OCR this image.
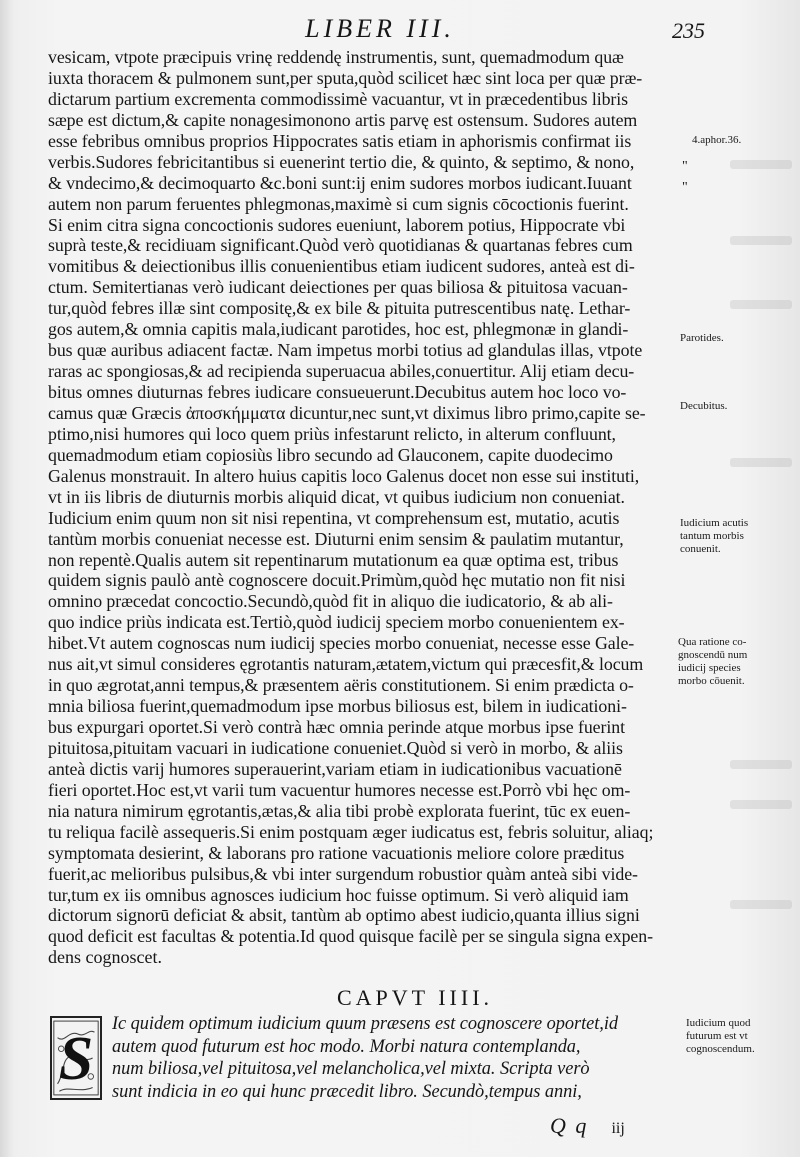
LIBER III.	235
vesicam, vtpote præcipuis vrinę reddendę instrumentis, sunt, quemadmodum quæ
iuxta thoracem & pulmonem sunt,per sputa,quòd scilicet hæc sint loca per quæ præ-
dictarum partium excrementa commodissimè vacuantur, vt in præcedentibus libris
sæpe est dictum,& capite nonagesimonono artis parvę est ostensum. Sudores autem
esse febribus omnibus proprios Hippocrates satis etiam in aphorismis confirmat iis
verbis.Sudores febricitantibus si euenerint tertio die, & quinto, & septimo, & nono,
& vndecimo,& decimoquarto &c.boni sunt:ij enim sudores morbos iudicant.Iuuant
autem non parum feruentes phlegmonas,maximè si cum signis cōcoctionis fuerint.
Si enim citra signa concoctionis sudores eueniunt, laborem potius, Hippocrate vbi
suprà teste,& recidiuam significant.Quòd verò quotidianas & quartanas febres cum
vomitibus & deiectionibus illis conuenientibus etiam iudicent sudores, anteà est di-
ctum. Semitertianas verò iudicant deiectiones per quas biliosa & pituitosa vacuan-
tur,quòd febres illæ sint compositę,& ex bile & pituita putrescentibus natę. Lethar-
gos autem,& omnia capitis mala,iudicant parotides, hoc est, phlegmonæ in glandi-
bus quæ auribus adiacent factæ. Nam impetus morbi totius ad glandulas illas, vtpote
raras ac spongiosas,& ad recipienda superuacua abiles,conuertitur. Alij etiam decu-
bitus omnes diuturnas febres iudicare consueuerunt.Decubitus autem hoc loco vo-
camus quæ Græcis ἀποσκήμματα dicuntur,nec sunt,vt diximus libro primo,capite se-
ptimo,nisi humores qui loco quem priùs infestarunt relicto, in alterum confluunt,
quemadmodum etiam copiosiùs libro secundo ad Glauconem, capite duodecimo
Galenus monstrauit. In altero huius capitis loco Galenus docet non esse sui instituti,
vt in iis libris de diuturnis morbis aliquid dicat, vt quibus iudicium non conueniat.
Iudicium enim quum non sit nisi repentina, vt comprehensum est, mutatio, acutis
tantùm morbis conueniat necesse est. Diuturni enim sensim & paulatim mutantur,
non repentè.Qualis autem sit repentinarum mutationum ea quæ optima est, tribus
quidem signis paulò antè cognoscere docuit.Primùm,quòd hęc mutatio non fit nisi
omnino præcedat concoctio.Secundò,quòd fit in aliquo die iudicatorio, & ab ali-
quo indice priùs indicata est.Tertiò,quòd iudicij speciem morbo conuenientem ex-
hibet.Vt autem cognoscas num iudicij species morbo conueniat, necesse esse Gale-
nus ait,vt simul consideres ęgrotantis naturam,ætatem,victum qui præcesfit,& locum
in quo ægrotat,anni tempus,& præsentem aëris constitutionem. Si enim prædicta o-
mnia biliosa fuerint,quemadmodum ipse morbus biliosus est, bilem in iudicationi-
bus expurgari oportet.Si verò contrà hæc omnia perinde atque morbus ipse fuerint
pituitosa,pituitam vacuari in iudicatione conueniet.Quòd si verò in morbo, & aliis
anteà dictis varij humores superauerint,variam etiam in iudicationibus vacuationē
fieri oportet.Hoc est,vt varii tum vacuentur humores necesse est.Porrò vbi hęc om-
nia natura nimirum ęgrotantis,ætas,& alia tibi probè explorata fuerint, tūc ex euen-
tu reliqua facilè assequeris.Si enim postquam æger iudicatus est, febris soluitur, aliaq;
symptomata desierint, & laborans pro ratione vacuationis meliore colore præditus
fuerit,ac melioribus pulsibus,& vbi inter surgendum robustior quàm anteà sibi vide-
tur,tum ex iis omnibus agnosces iudicium hoc fuisse optimum. Si verò aliquid iam
dictorum signorū deficiat & absit, tantùm ab optimo abest iudicio,quanta illius signi
quod deficit est facultas & potentia.Id quod quisque facilè per se singula signa expen-
dens cognoscet.
CAPVT IIII.
S
Ic quidem optimum iudicium quum præsens est cognoscere oportet,id
autem quod futurum est hoc modo. Morbi natura contemplanda,
num biliosa,vel pituitosa,vel melancholica,vel mixta. Scripta verò
sunt indicia in eo qui hunc præcedit libro. Secundò,tempus anni,
4.aphor.36.
"
"
Parotides.
Decubitus.
Iudicium acutis
tantum morbis
conuenit.
Qua ratione co-
gnoscendū num
iudicij species
morbo cōuenit.
Iudicium quod
futurum est vt
cognoscendum.
Q q iij
